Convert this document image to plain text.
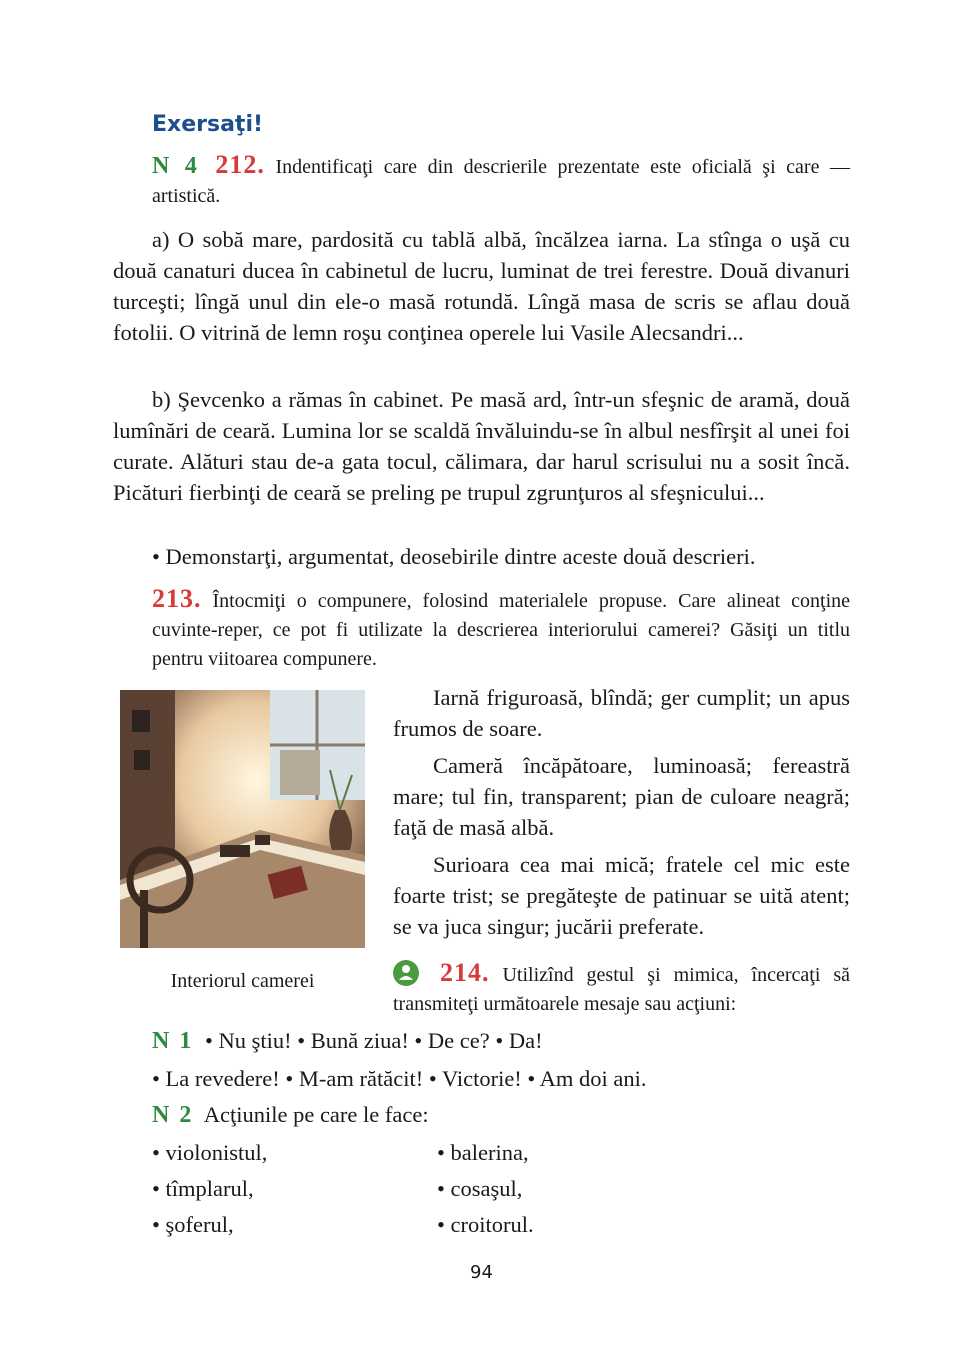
Exersaţi!
N 4 212. Indentificaţi care din descrierile prezentate este oficială şi care — artistică.
a) O sobă mare, pardosită cu tablă albă, încălzea iarna. La stînga o uşă cu două canaturi ducea în cabinetul de lucru, luminat de trei ferestre. Două divanuri turceşti; lîngă unul din ele-o masă rotundă. Lîngă masa de scris se aflau două fotolii. O vitrină de lemn roşu conţinea operele lui Vasile Alecsandri...
b) Şevcenko a rămas în cabinet. Pe masă ard, într-un sfeşnic de aramă, două lumînări de ceară. Lumina lor se scaldă învăluindu-se în albul nesfîrşit al unei foi curate. Alături stau de-a gata tocul, călimara, dar harul scrisului nu a sosit încă. Picături fierbinţi de ceară se preling pe trupul zgrunţuros al sfeşnicului...
• Demonstarţi, argumentat, deosebirile dintre aceste două descrieri.
213. Întocmiţi o compunere, folosind materialele propuse. Care alineat conţine cuvinte-reper, ce pot fi utilizate la descrierea interiorului camerei? Găsiţi un titlu pentru viitoarea compunere.
Interiorul camerei
Iarnă friguroasă, blîndă; ger cumplit; un apus frumos de soare.
Cameră încăpătoare, luminoasă; fereastră mare; tul fin, transparent; pian de culoare neagră; faţă de masă albă.
Surioara cea mai mică; fratele cel mic este foarte trist; se pregăteşte de patinuar se uită atent; se va juca singur; jucării preferate.
214. Utilizînd gestul şi mimica, încercaţi să transmiteţi următoarele mesaje sau acţiuni:
N 1 • Nu ştiu! • Bună ziua! • De ce? • Da!
• La revedere! • M-am rătăcit! • Victorie! • Am doi ani.
N 2 Acţiunile pe care le face:
• violonistul,
• tîmplarul,
• şoferul,
• balerina,
• cosaşul,
• croitorul.
94
